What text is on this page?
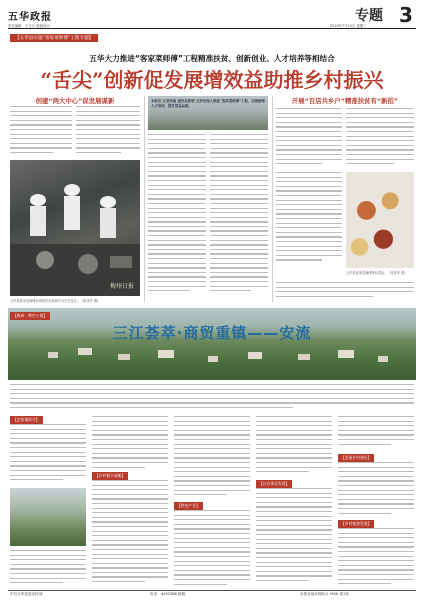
五华政报
责任编辑：于文月 版面设计：	2019年7月10日 星期三
专题 3
【五华县实施“客家菜师傅”工程专题】
五华大力推进“客家菜师傅”工程精准扶贫、创新创业、人才培养等相结合
“舌尖”创新促发展增效益助推乡村振兴
创建“两大中心”促发展谋新
梅州日报
五华县客家菜师傅培训班学员现场学习烹饪技艺。（张泽华 摄）
本报讯 记者李丽 通讯员彭婷 五华县深入推进“客家菜师傅”工程，加强厨师人才培训，提升菜品品质。
开展“百店共乡户”精准扶贫有“新招”
五华县客家菜师傅特色菜品。（张泽华 摄）
【梅州：特色小镇】
三江荟萃·商贸重镇——安流
【安流镇简介】
【乡村振兴战略】
【特色产业】
【社会事业发展】
【美丽乡村建设】
【乡村旅游发展】
中共五华县委宣传部	电话：4432586 邮箱：	本报各地代理站点 ISSN 第1页
